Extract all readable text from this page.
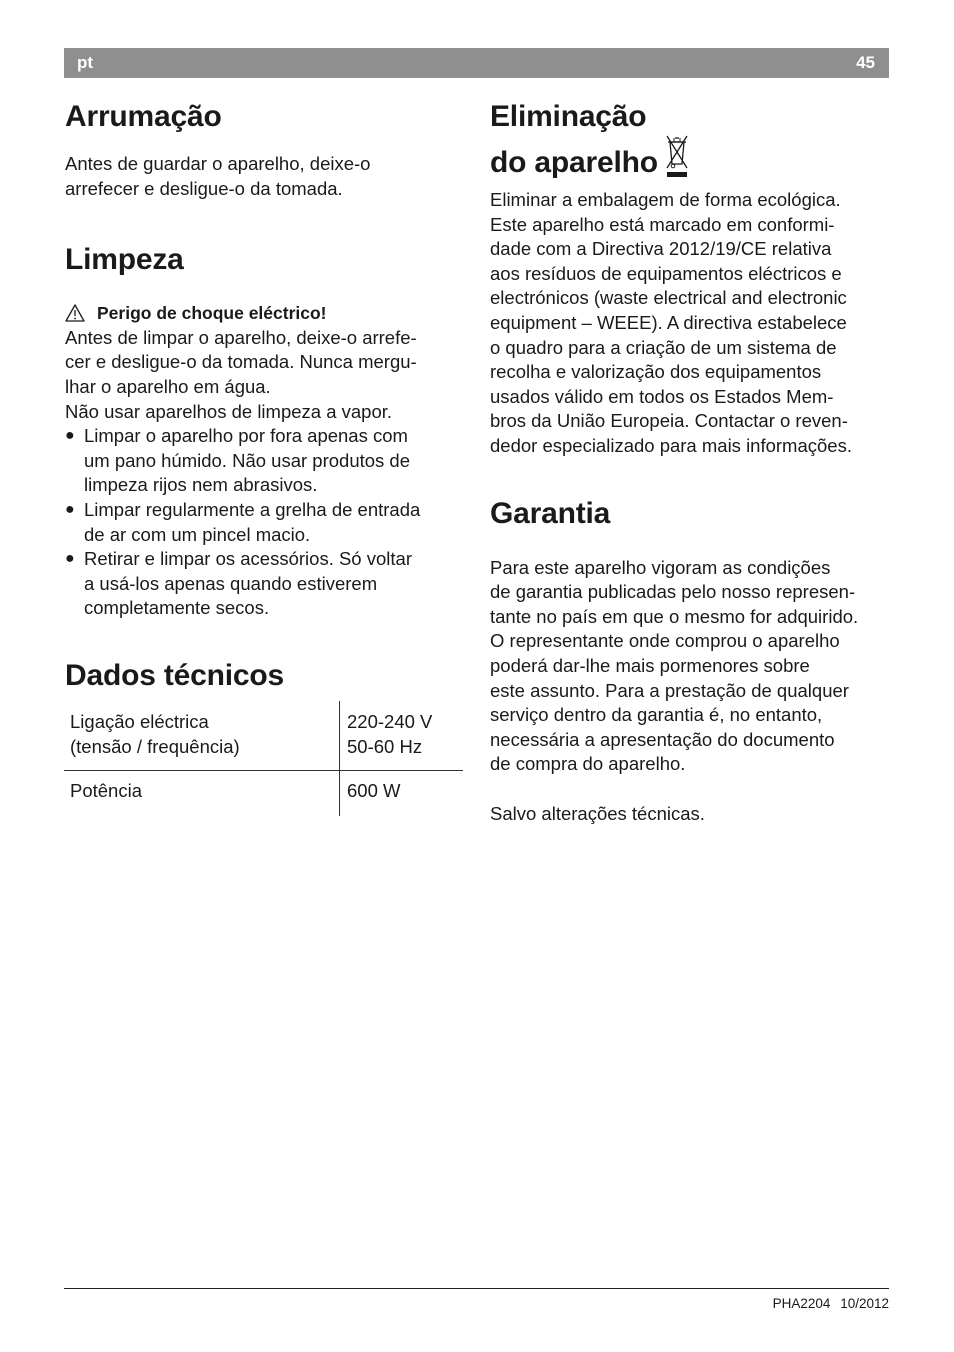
pt	45
Arrumação

Antes de guardar o aparelho, deixe-o
arrefecer e desligue-o da tomada.

Limpeza
Perigo de choque eléctrico!

Antes de limpar o aparelho, deixe-o arrefe-
cer e desligue-o da tomada. Nunca mergu-
lhar o aparelho em água.
Não usar aparelhos de limpeza a vapor.

● Limpar o aparelho por fora apenas com
um pano húmido. Não usar produtos de
limpeza rijos nem abrasivos.
● Limpar regularmente a grelha de entrada
de ar com um pincel macio.
● Retirar e limpar os acessórios. Só voltar
a usá-los apenas quando estiverem
completamente secos.
Dados técnicos
Ligação eléctrica
(tensão / frequência)	220-240 V
50-60 Hz
Potência	600 W
Eliminação
do aparelho

Eliminar a embalagem de forma ecológica.
Este aparelho está marcado em conformi-
dade com a Directiva 2012/19/CE relativa
aos resíduos de equipamentos eléctricos e
electrónicos (waste electrical and electronic
equipment – WEEE). A directiva estabelece
o quadro para a criação de um sistema de
recolha e valorização dos equipamentos
usados válido em todos os Estados Mem-
bros da União Europeia. Contactar o reven-
dedor especializado para mais informações.

Garantia

Para este aparelho vigoram as condições
de garantia publicadas pelo nosso represen-
tante no país em que o mesmo for adquirido.
O representante onde comprou o aparelho
poderá dar-lhe mais pormenores sobre
este assunto. Para a prestação de qualquer
serviço dentro da garantia é, no entanto,
necessária a apresentação do documento
de compra do aparelho.

Salvo alterações técnicas.

PHA2204 10/2012
